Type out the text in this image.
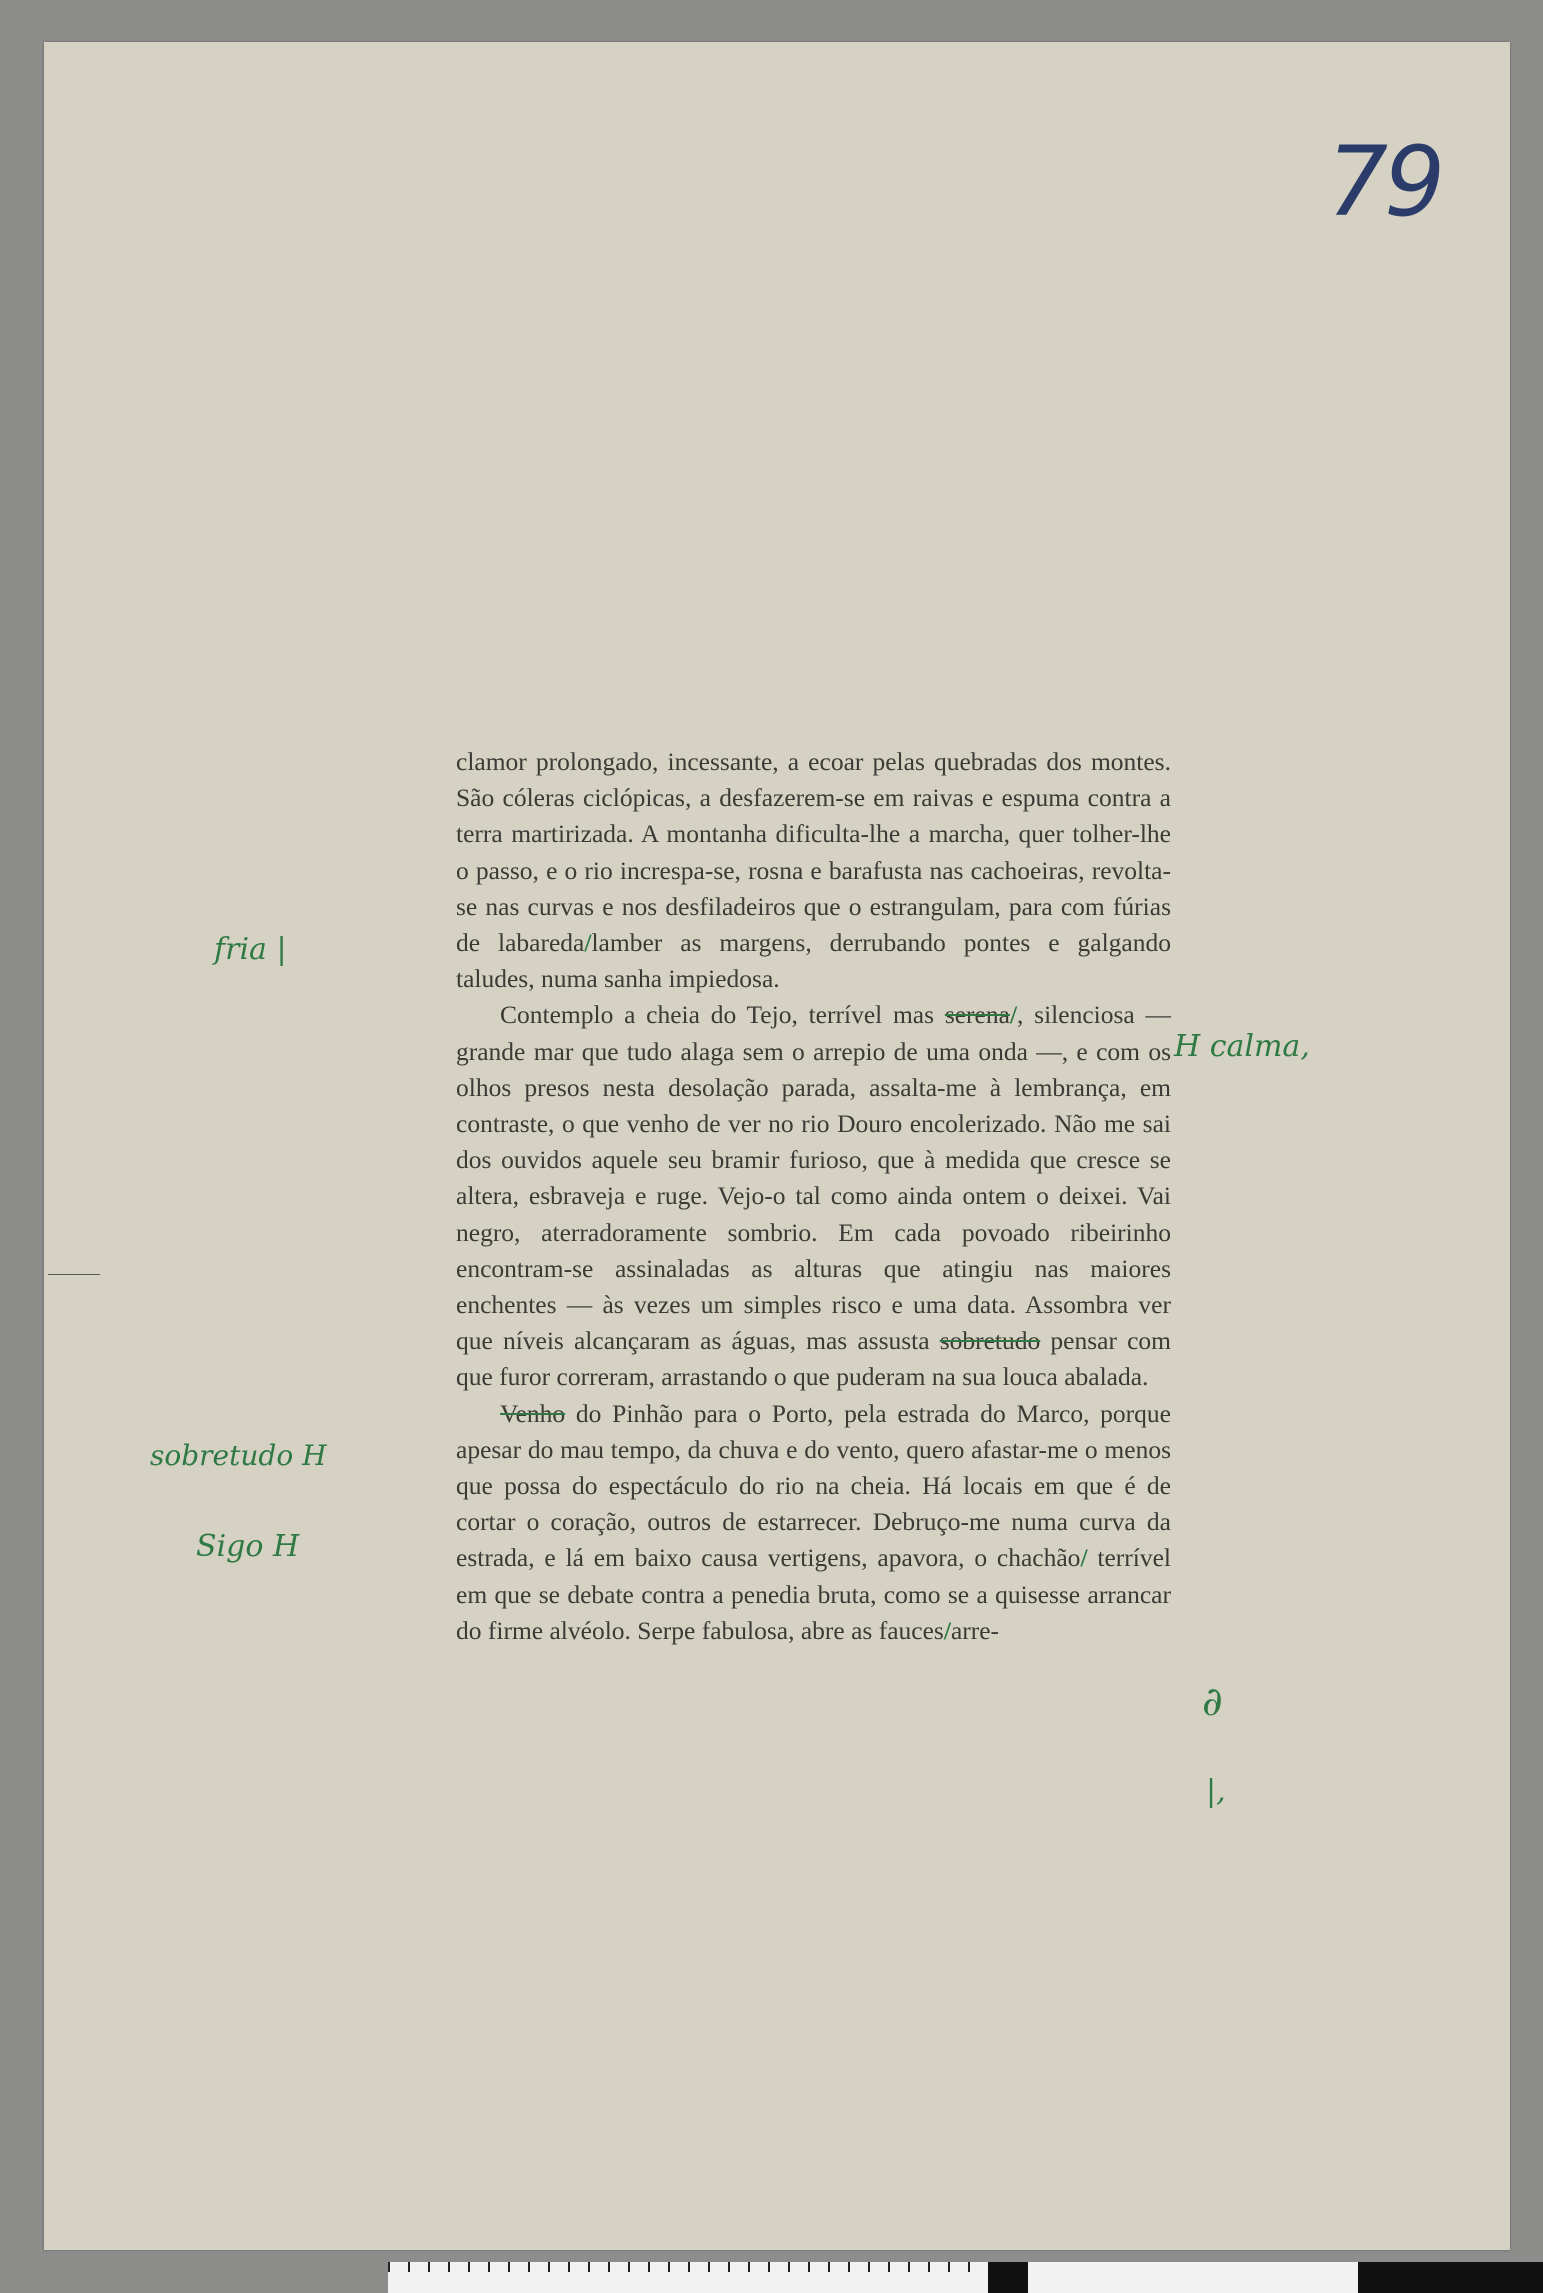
79

clamor prolongado, incessante, a ecoar pelas quebradas dos montes. São cóleras ciclópicas, a desfazerem-se em raivas e espuma contra a terra martirizada. A montanha dificulta-lhe a marcha, quer tolher-lhe o passo, e o rio increspa-se, rosna e barafusta nas cachoeiras, revolta-se nas curvas e nos desfiladeiros que o estrangulam, para com fúrias de labareda/lamber as margens, derrubando pontes e galgando taludes, numa sanha impiedosa.

Contemplo a cheia do Tejo, terrível mas serena/, silenciosa — grande mar que tudo alaga sem o arrepio de uma onda —, e com os olhos presos nesta desolação parada, assalta-me à lembrança, em contraste, o que venho de ver no rio Douro encolerizado. Não me sai dos ouvidos aquele seu bramir furioso, que à medida que cresce se altera, esbraveja e ruge. Vejo-o tal como ainda ontem o deixei. Vai negro, aterradoramente sombrio. Em cada povoado ribeirinho encontram-se assinaladas as alturas que atingiu nas maiores enchentes — às vezes um simples risco e uma data. Assombra ver que níveis alcançaram as águas, mas assusta sobretudo pensar com que furor correram, arrastando o que puderam na sua louca abalada.

Venho do Pinhão para o Porto, pela estrada do Marco, porque apesar do mau tempo, da chuva e do vento, quero afastar-me o menos que possa do espectáculo do rio na cheia. Há locais em que é de cortar o coração, outros de estarrecer. Debruço-me numa curva da estrada, e lá em baixo causa vertigens, apavora, o chachão/ terrível em que se debate contra a penedia bruta, como se a quisesse arrancar do firme alvéolo. Serpe fabulosa, abre as fauces/arre-

fria |
H calma,
sobretudo H
Sigo H
∂
|,
